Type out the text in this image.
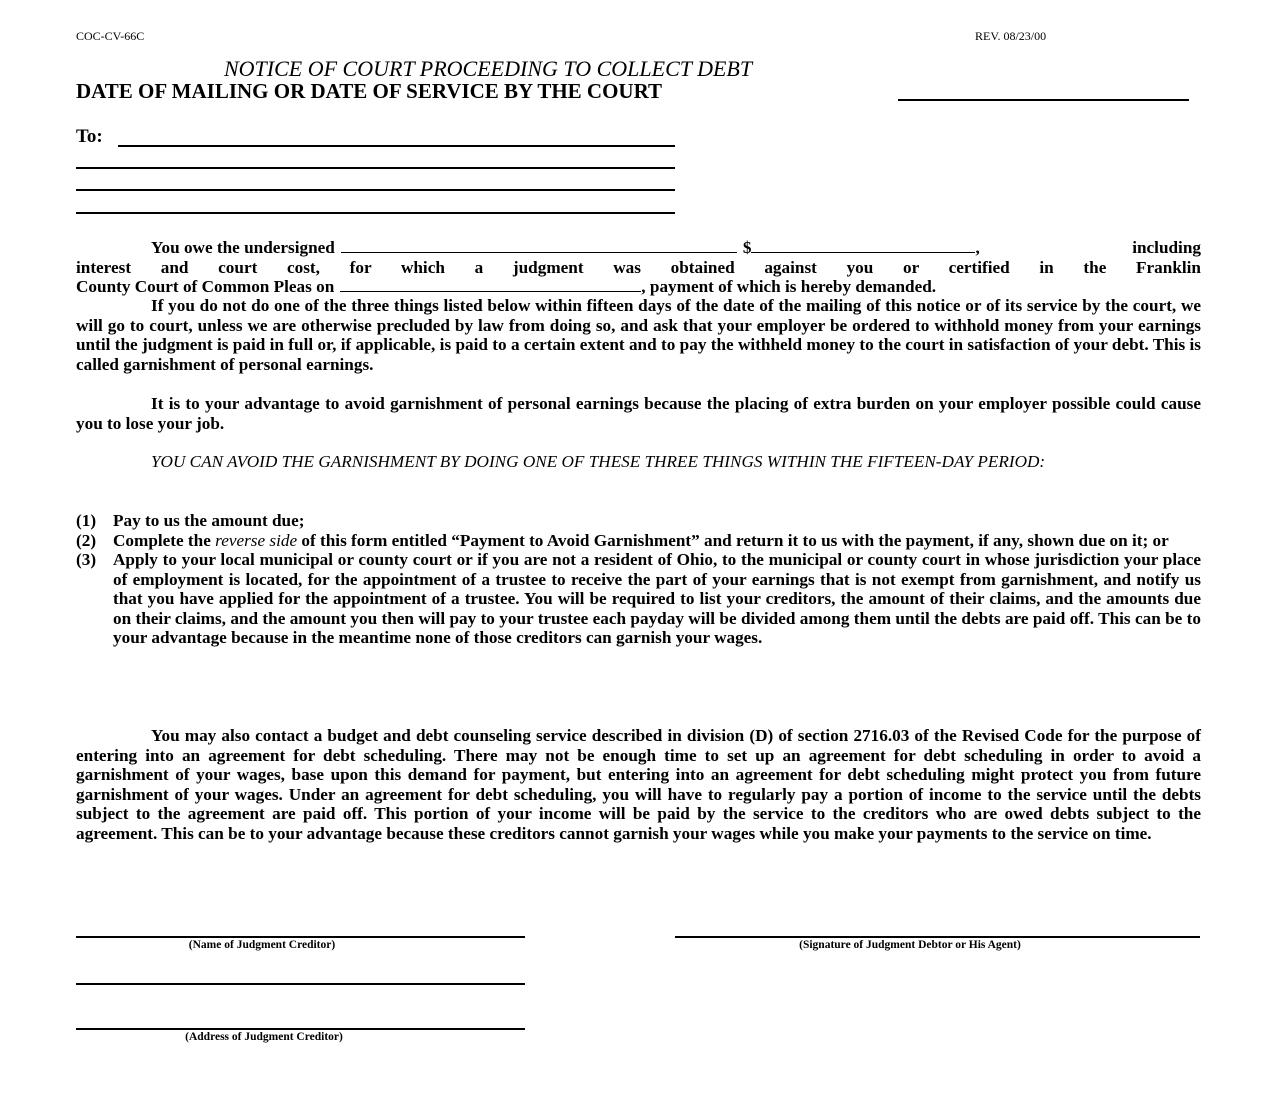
COC-CV-66C	REV. 08/23/00
NOTICE OF COURT PROCEEDING TO COLLECT DEBT
DATE OF MAILING OR DATE OF SERVICE BY THE COURT
To:
You owe the undersigned	$	,	including
interest and court cost, for which a judgment was obtained against you or certified in the Franklin
County Court of Common Pleas on	, payment of which is hereby demanded.
If you do not do one of the three things listed below within fifteen days of the date of the mailing of this notice or of its service by the court, we will go to court, unless we are otherwise precluded by law from doing so, and ask that your employer be ordered to withhold money from your earnings until the judgment is paid in full or, if applicable, is paid to a certain extent and to pay the withheld money to the court in satisfaction of your debt. This is called garnishment of personal earnings.
It is to your advantage to avoid garnishment of personal earnings because the placing of extra burden on your employer possible could cause you to lose your job.
YOU CAN AVOID THE GARNISHMENT BY DOING ONE OF THESE THREE THINGS WITHIN THE FIFTEEN-DAY PERIOD:
(1) Pay to us the amount due;
(2) Complete the reverse side of this form entitled “Payment to Avoid Garnishment” and return it to us with the payment, if any, shown due on it; or
(3) Apply to your local municipal or county court or if you are not a resident of Ohio, to the municipal or county court in whose jurisdiction your place of employment is located, for the appointment of a trustee to receive the part of your earnings that is not exempt from garnishment, and notify us that you have applied for the appointment of a trustee. You will be required to list your creditors, the amount of their claims, and the amounts due on their claims, and the amount you then will pay to your trustee each payday will be divided among them until the debts are paid off. This can be to your advantage because in the meantime none of those creditors can garnish your wages.
You may also contact a budget and debt counseling service described in division (D) of section 2716.03 of the Revised Code for the purpose of entering into an agreement for debt scheduling. There may not be enough time to set up an agreement for debt scheduling in order to avoid a garnishment of your wages, base upon this demand for payment, but entering into an agreement for debt scheduling might protect you from future garnishment of your wages. Under an agreement for debt scheduling, you will have to regularly pay a portion of income to the service until the debts subject to the agreement are paid off. This portion of your income will be paid by the service to the creditors who are owed debts subject to the agreement. This can be to your advantage because these creditors cannot garnish your wages while you make your payments to the service on time.
(Name of Judgment Creditor)	(Signature of Judgment Debtor or His Agent)
(Address of Judgment Creditor)
